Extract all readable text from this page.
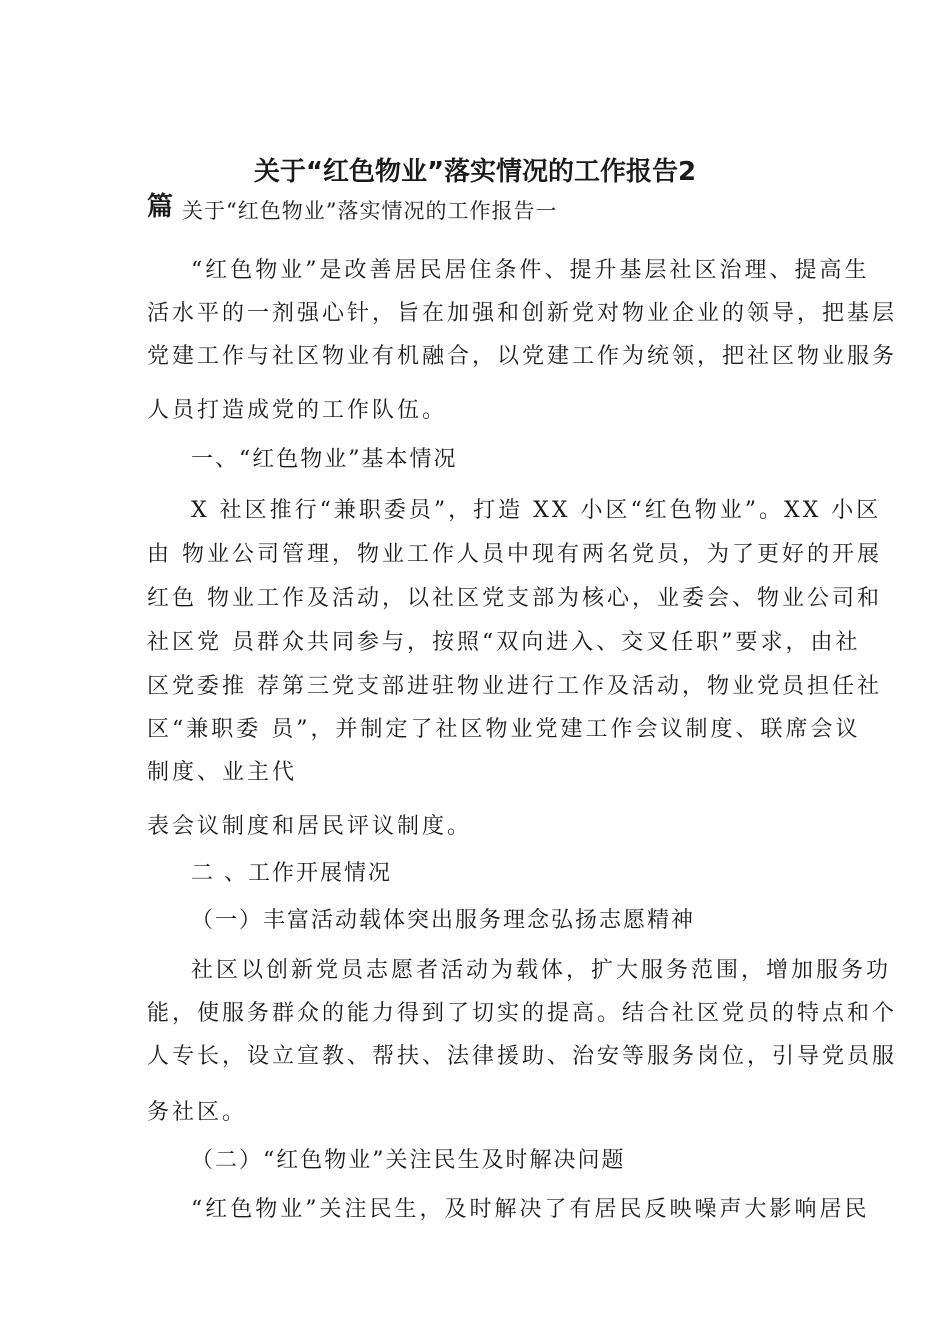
关于“红色物业”落实情况的工作报告2
篇 关于“红色物业”落实情况的工作报告一
“红色物业”是改善居民居住条件、提升基层社区治理、提高生
活水平的一剂强心针，旨在加强和创新党对物业企业的领导，把基层
党建工作与社区物业有机融合，以党建工作为统领，把社区物业服务
人员打造成党的工作队伍。
一、“红色物业”基本情况
X 社区推行“兼职委员”，打造 XX 小区“红色物业”。XX 小区
由 物业公司管理，物业工作人员中现有两名党员，为了更好的开展
红色 物业工作及活动，以社区党支部为核心，业委会、物业公司和
社区党 员群众共同参与，按照“双向进入、交叉任职”要求，由社
区党委推 荐第三党支部进驻物业进行工作及活动，物业党员担任社
区“兼职委 员”，并制定了社区物业党建工作会议制度、联席会议
制度、业主代
表会议制度和居民评议制度。
二 、工作开展情况
（一）丰富活动载体突出服务理念弘扬志愿精神
社区以创新党员志愿者活动为载体，扩大服务范围，增加服务功
能，使服务群众的能力得到了切实的提高。结合社区党员的特点和个
人专长，设立宣教、帮扶、法律援助、治安等服务岗位，引导党员服
务社区。
（二）“红色物业”关注民生及时解决问题
“红色物业”关注民生，及时解决了有居民反映噪声大影响居民
